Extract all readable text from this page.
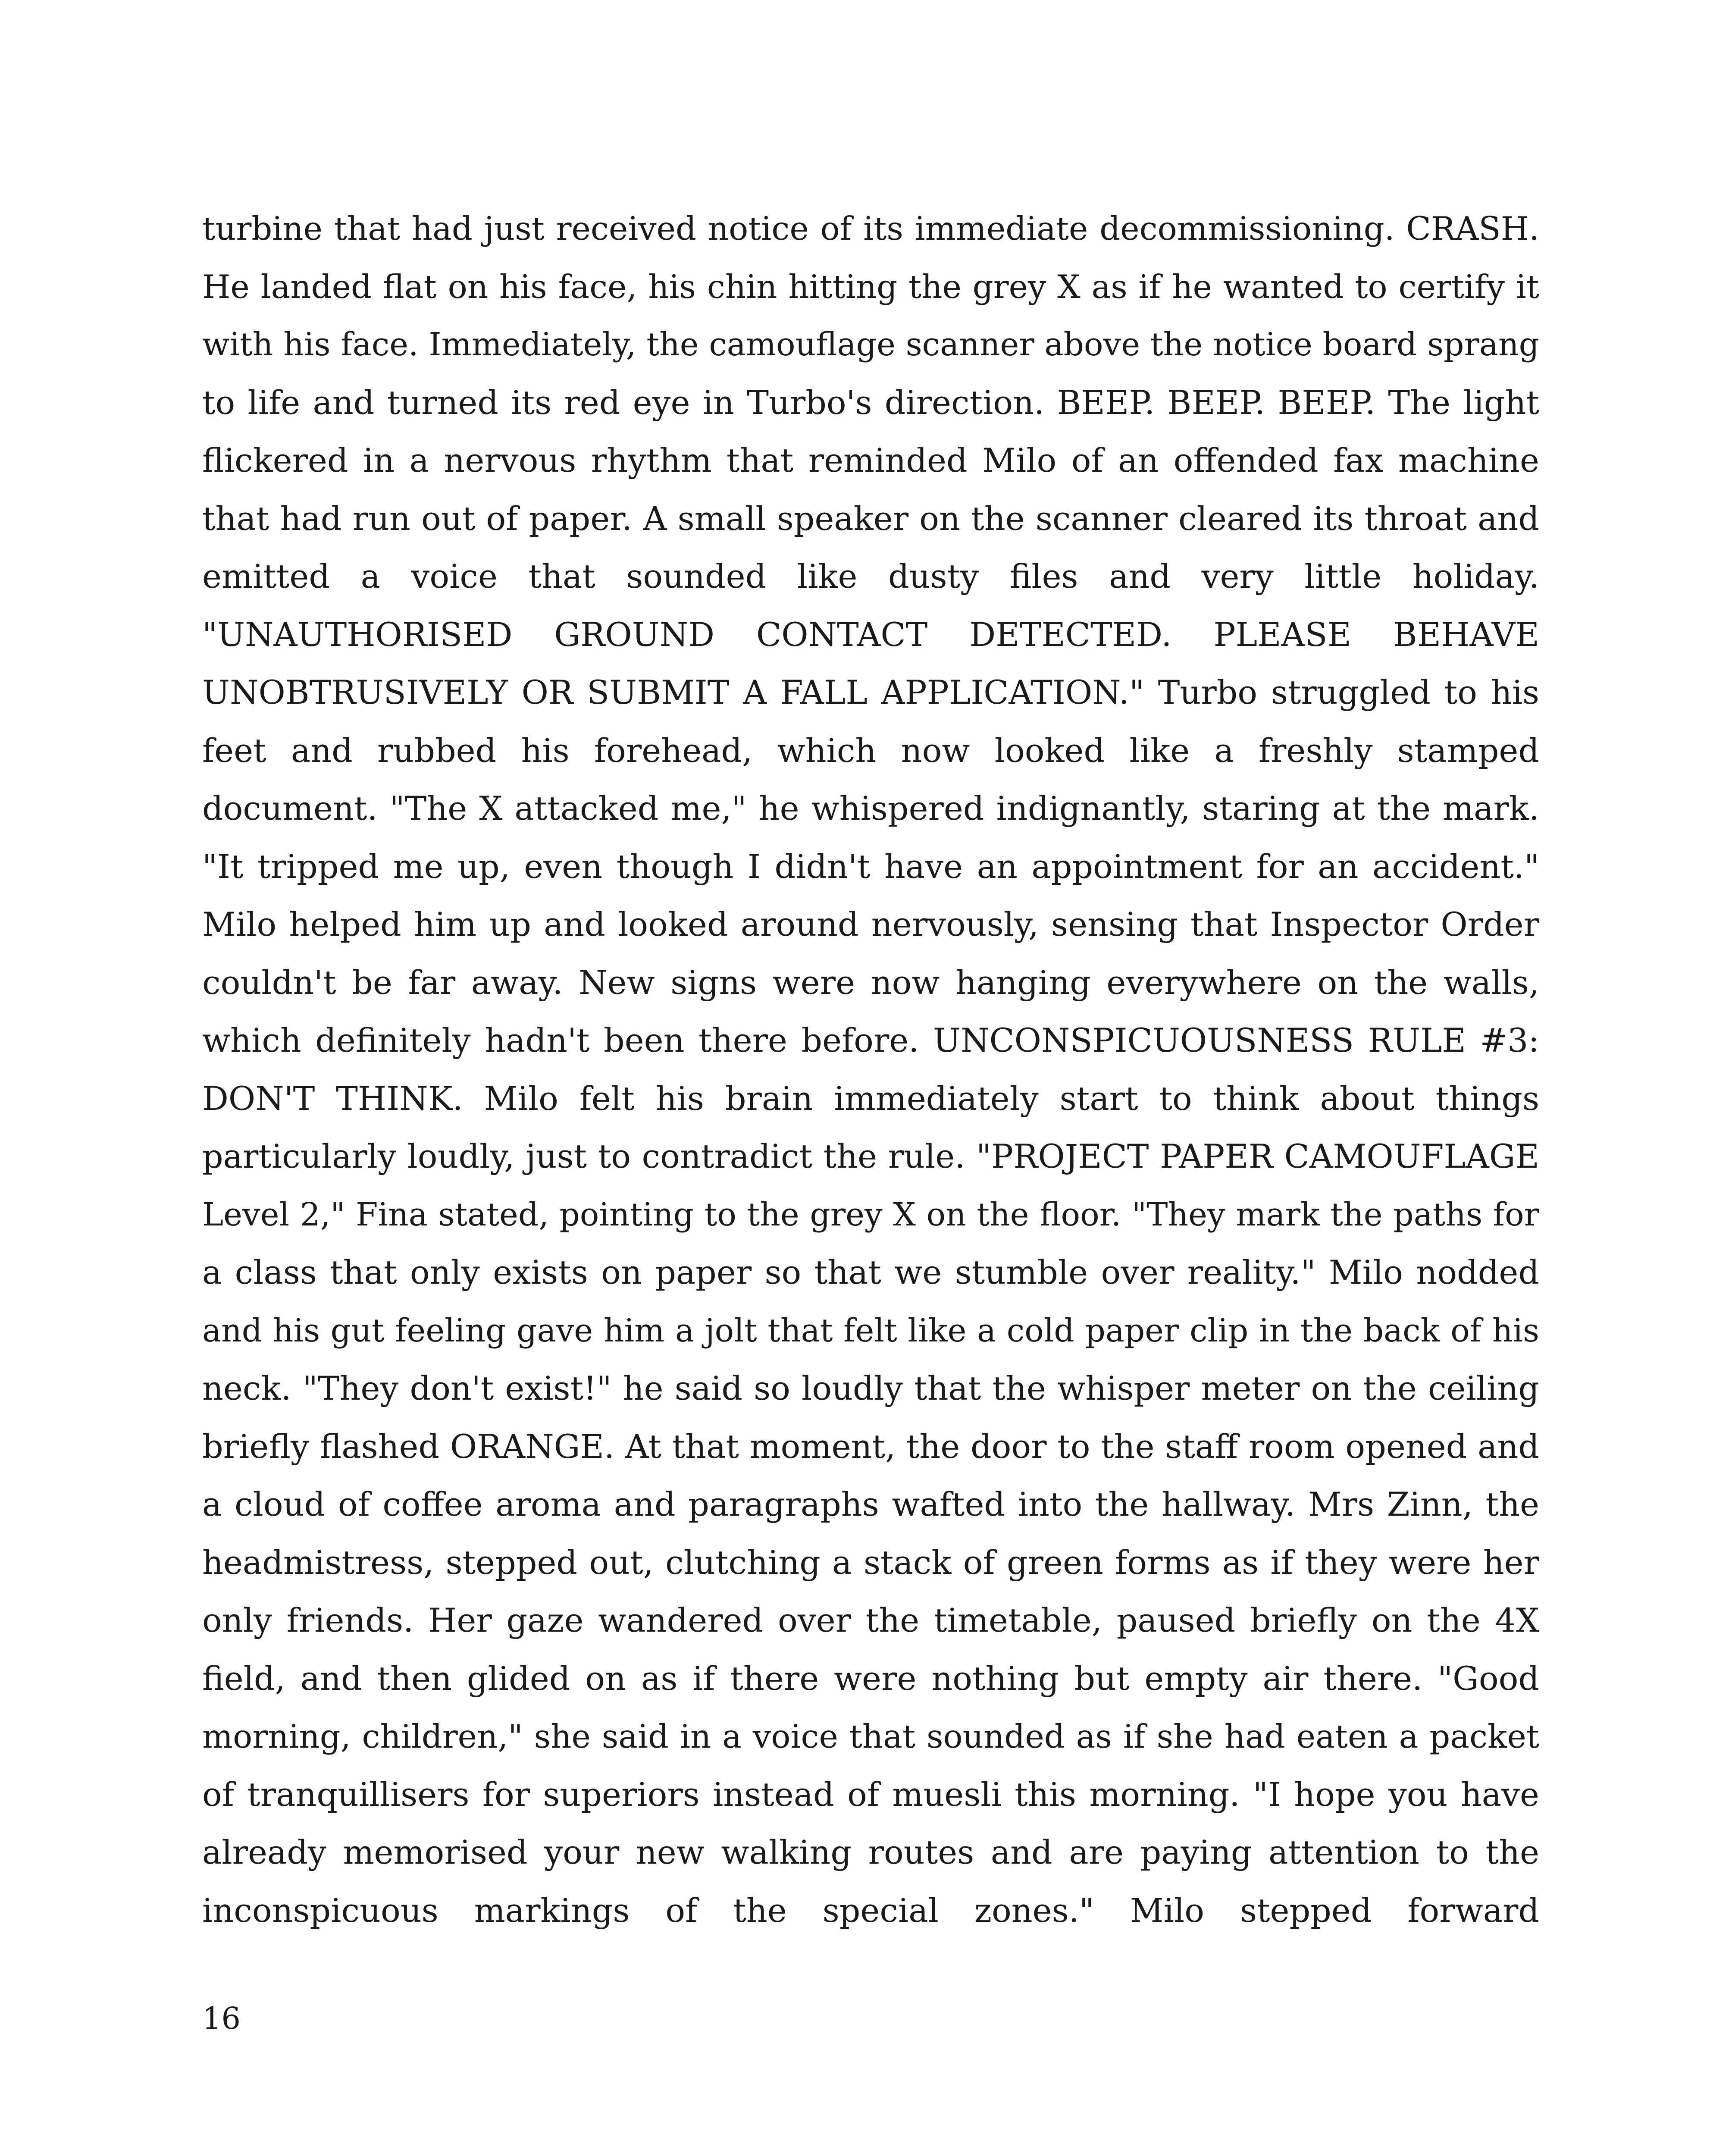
turbine that had just received notice of its immediate decommissioning. CRASH.
He landed flat on his face, his chin hitting the grey X as if he wanted to certify it
with his face. Immediately, the camouflage scanner above the notice board sprang
to life and turned its red eye in Turbo's direction. BEEP. BEEP. BEEP. The light
flickered in a nervous rhythm that reminded Milo of an offended fax machine
that had run out of paper. A small speaker on the scanner cleared its throat and
emitted a voice that sounded like dusty files and very little holiday.
"UNAUTHORISED GROUND CONTACT DETECTED. PLEASE BEHAVE
UNOBTRUSIVELY OR SUBMIT A FALL APPLICATION." Turbo struggled to his
feet and rubbed his forehead, which now looked like a freshly stamped
document. "The X attacked me," he whispered indignantly, staring at the mark.
"It tripped me up, even though I didn't have an appointment for an accident."
Milo helped him up and looked around nervously, sensing that Inspector Order
couldn't be far away. New signs were now hanging everywhere on the walls,
which definitely hadn't been there before. UNCONSPICUOUSNESS RULE #3:
DON'T THINK. Milo felt his brain immediately start to think about things
particularly loudly, just to contradict the rule. "PROJECT PAPER CAMOUFLAGE
Level 2," Fina stated, pointing to the grey X on the floor. "They mark the paths for
a class that only exists on paper so that we stumble over reality." Milo nodded
and his gut feeling gave him a jolt that felt like a cold paper clip in the back of his
neck. "They don't exist!" he said so loudly that the whisper meter on the ceiling
briefly flashed ORANGE. At that moment, the door to the staff room opened and
a cloud of coffee aroma and paragraphs wafted into the hallway. Mrs Zinn, the
headmistress, stepped out, clutching a stack of green forms as if they were her
only friends. Her gaze wandered over the timetable, paused briefly on the 4X
field, and then glided on as if there were nothing but empty air there. "Good
morning, children," she said in a voice that sounded as if she had eaten a packet
of tranquillisers for superiors instead of muesli this morning. "I hope you have
already memorised your new walking routes and are paying attention to the
inconspicuous markings of the special zones." Milo stepped forward
16
